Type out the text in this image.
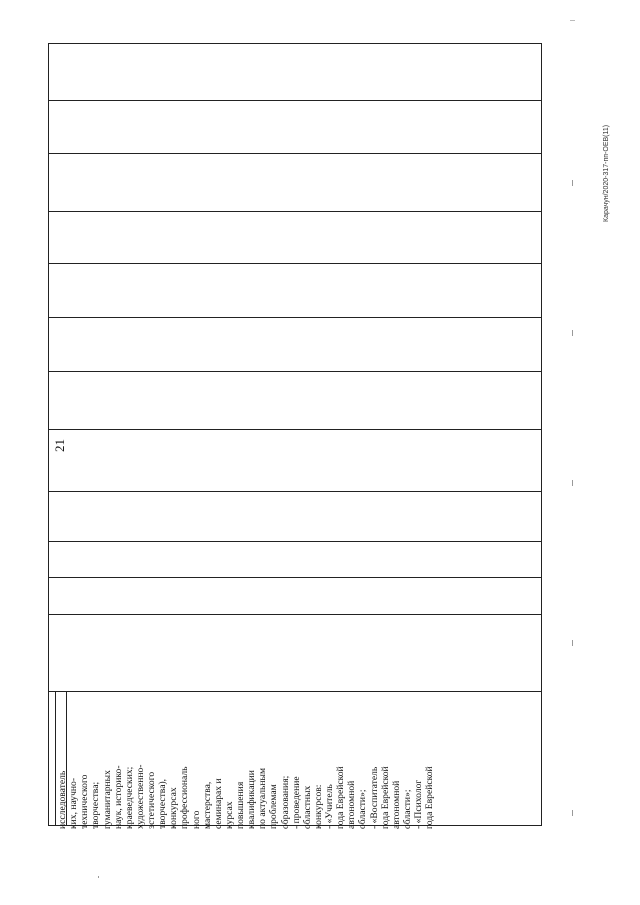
21
Карачун/2020-317-пп-ОЕВ(11)
исследователь ких, научно- технического творчества; гуманитарных наук, историко- краеведческих; художественно- эстетического творчества), конкурсах профессиональ ного мастерства, семинарах и курсах повышения квалификации по актуальным проблемам образования; - проведение областных конкурсов: - «Учитель года Еврейской автономной области»; - «Воспитатель года Еврейской автономной области»; - «Психолог года Еврейской
